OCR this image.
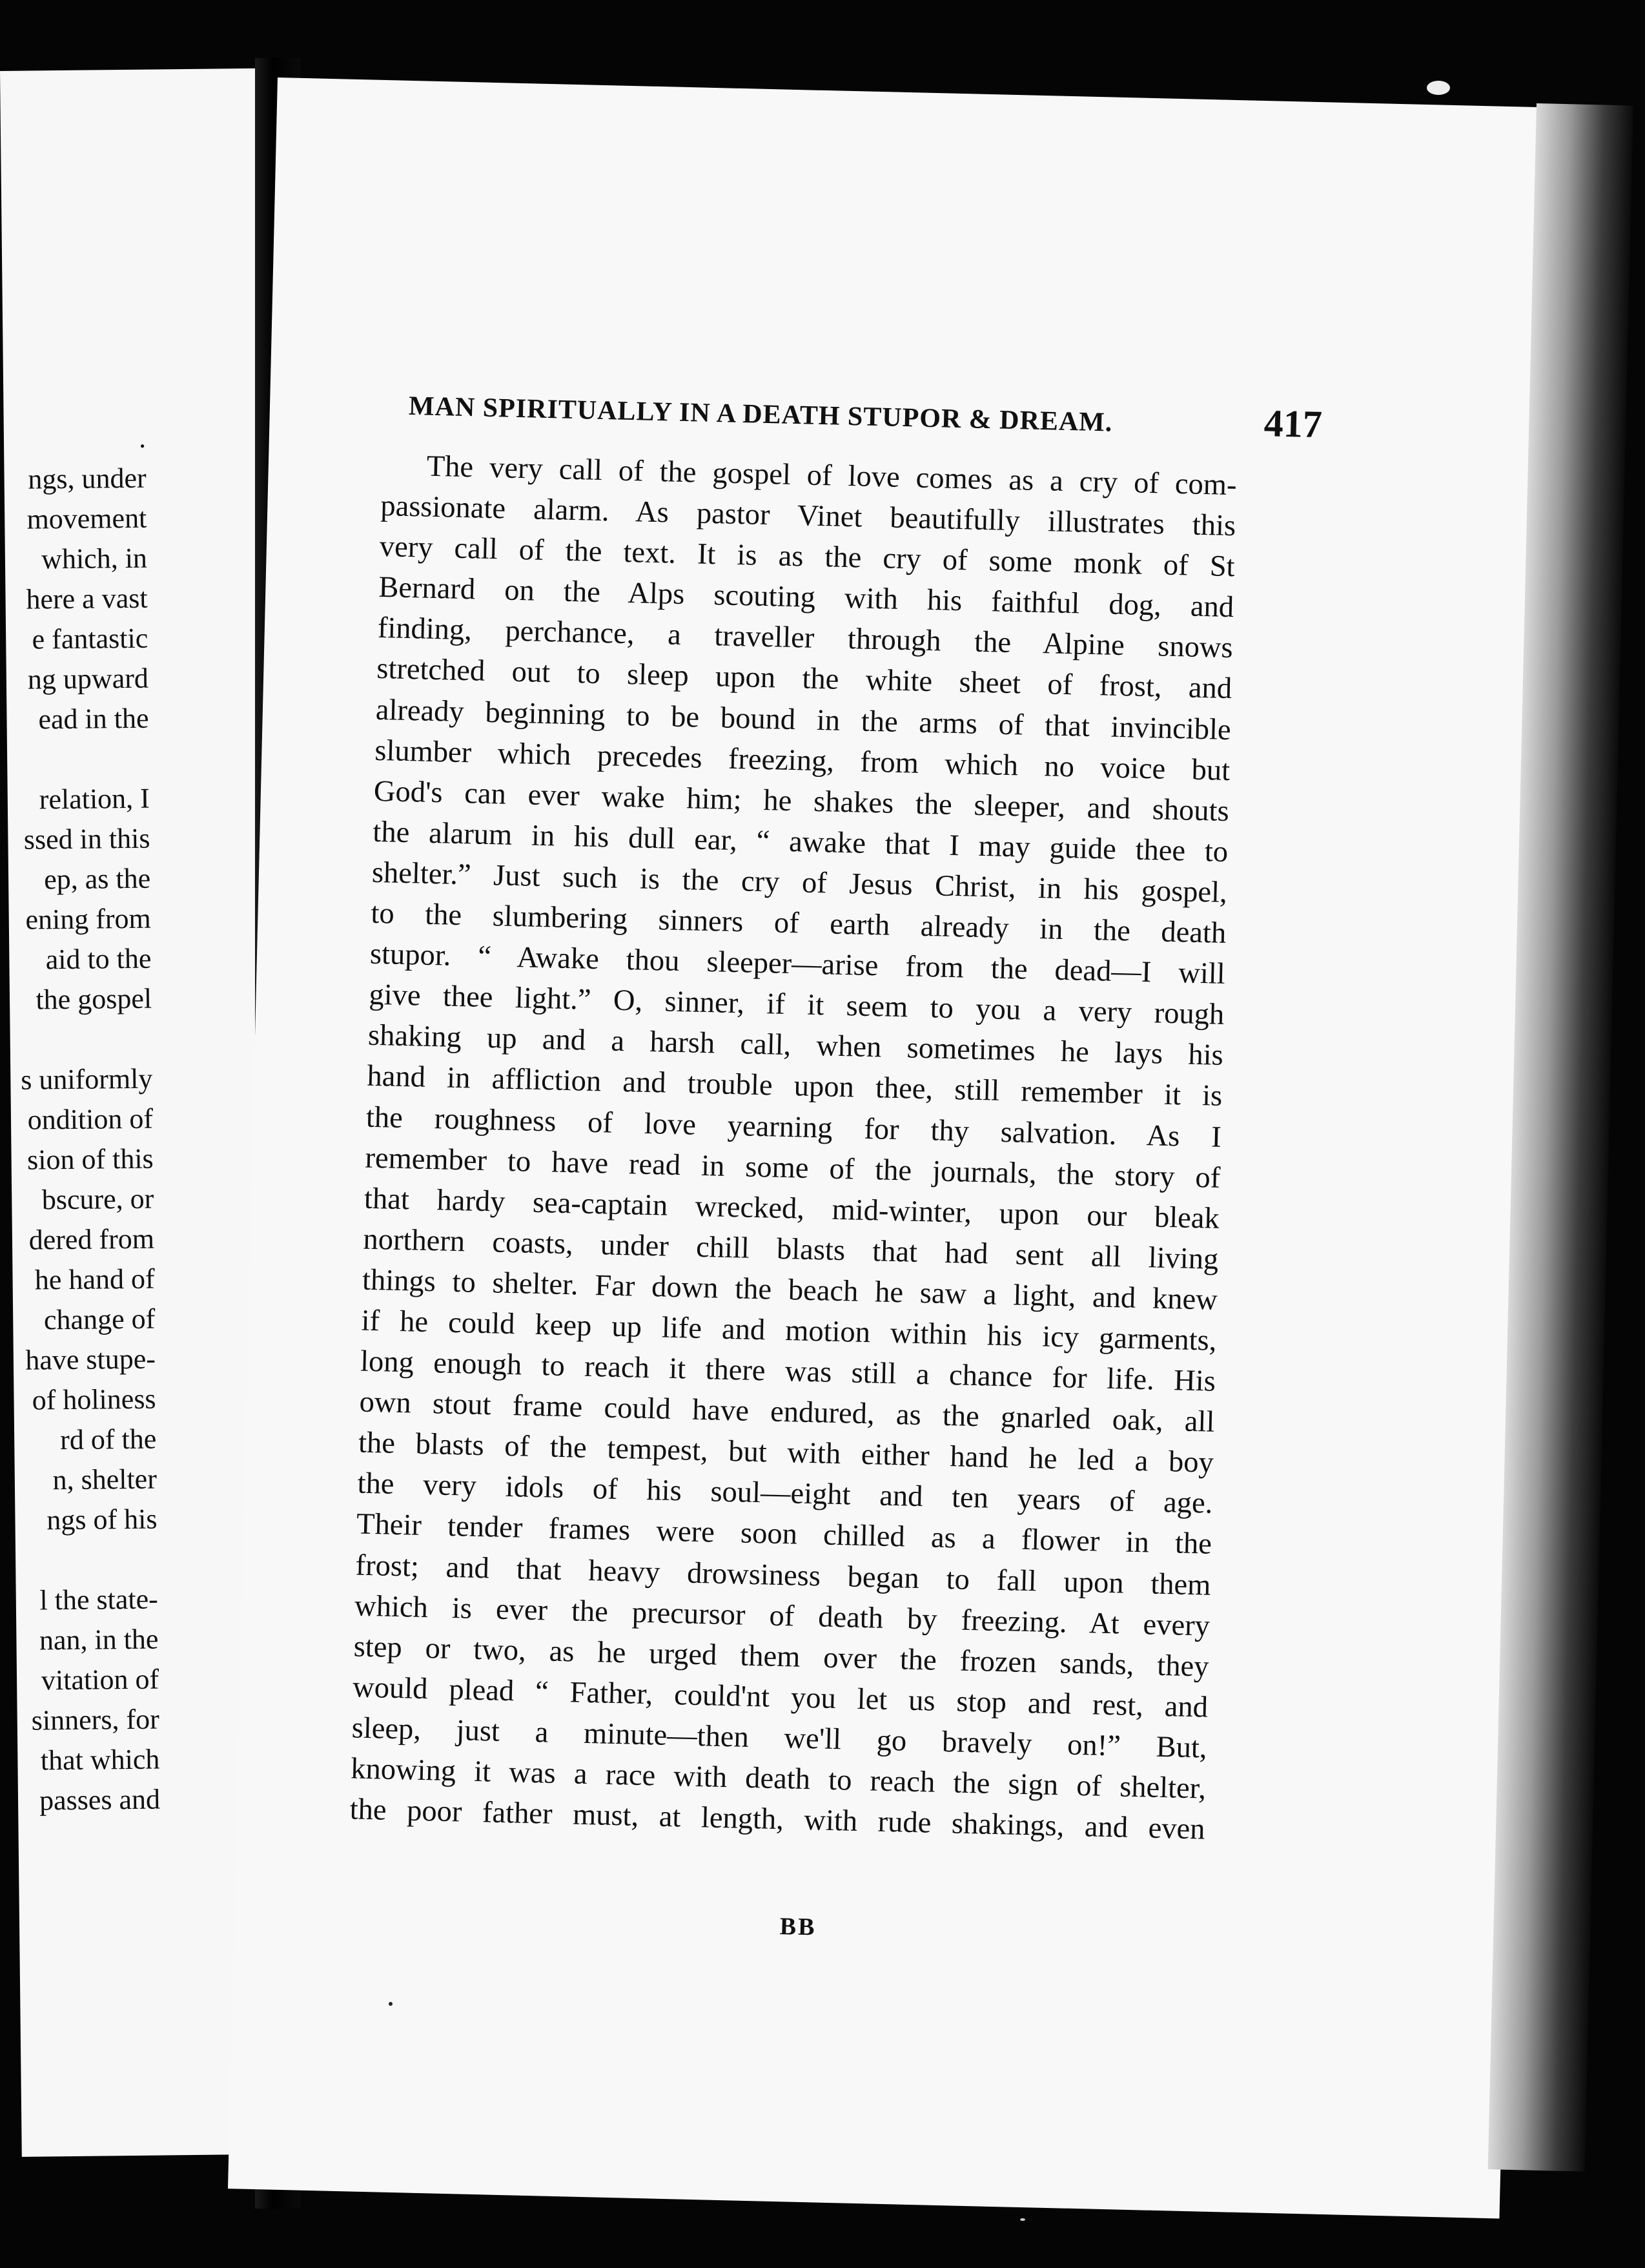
.
ngs, under
movement
which, in
here a vast
e fantastic
ng upward
ead in the
relation, I
ssed in this
ep, as the
ening from
aid to the
the gospel
s uniformly
ondition of
sion of this
bscure, or
dered from
he hand of
change of
have stupe-
of holiness
rd of the
n, shelter
ngs of his
l the state-
nan, in the
vitation of
sinners, for
that which
passes and
MAN SPIRITUALLY IN A DEATH STUPOR & DREAM.	417
The very call of the gospel of love comes as a cry of com-
passionate alarm. As pastor Vinet beautifully illustrates this
very call of the text. It is as the cry of some monk of St
Bernard on the Alps scouting with his faithful dog, and
finding, perchance, a traveller through the Alpine snows
stretched out to sleep upon the white sheet of frost, and
already beginning to be bound in the arms of that invincible
slumber which precedes freezing, from which no voice but
God's can ever wake him; he shakes the sleeper, and shouts
the alarum in his dull ear, “ awake that I may guide thee to
shelter.” Just such is the cry of Jesus Christ, in his gospel,
to the slumbering sinners of earth already in the death
stupor. “ Awake thou sleeper—arise from the dead—I will
give thee light.” O, sinner, if it seem to you a very rough
shaking up and a harsh call, when sometimes he lays his
hand in affliction and trouble upon thee, still remember it is
the roughness of love yearning for thy salvation. As I
remember to have read in some of the journals, the story of
that hardy sea-captain wrecked, mid-winter, upon our bleak
northern coasts, under chill blasts that had sent all living
things to shelter. Far down the beach he saw a light, and knew
if he could keep up life and motion within his icy garments,
long enough to reach it there was still a chance for life. His
own stout frame could have endured, as the gnarled oak, all
the blasts of the tempest, but with either hand he led a boy
the very idols of his soul—eight and ten years of age.
Their tender frames were soon chilled as a flower in the
frost; and that heavy drowsiness began to fall upon them
which is ever the precursor of death by freezing. At every
step or two, as he urged them over the frozen sands, they
would plead “ Father, could'nt you let us stop and rest, and
sleep, just a minute—then we'll go bravely on!” But,
knowing it was a race with death to reach the sign of shelter,
the poor father must, at length, with rude shakings, and even
BB
